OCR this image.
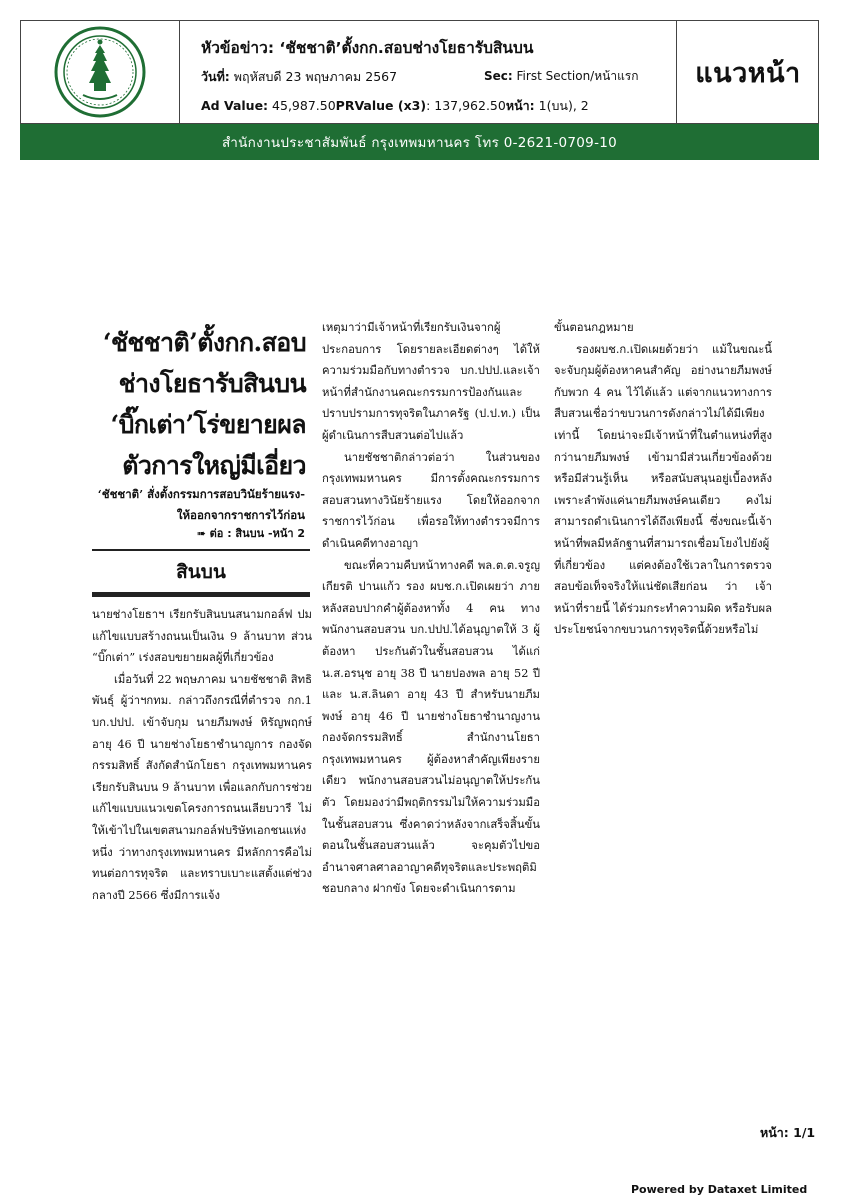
หัวข้อข่าว: ‘ชัชชาติ’ตั้งกก.สอบช่างโยธารับสินบน
วันที่: พฤหัสบดี 23 พฤษภาคม 2567	Sec: First Section/หน้าแรก
Ad Value: 45,987.50PRValue (x3): 137,962.50หน้า: 1(บน), 2
แนวหน้า
สำนักงานประชาสัมพันธ์ กรุงเทพมหานคร โทร 0-2621-0709-10
‘ชัชชาติ’ตั้งกก.สอบ
ช่างโยธารับสินบน
‘บิ๊กเต่า’โร่ขยายผล
ตัวการใหญ่มีเอี่ยว

‘ชัชชาติ’ สั่งตั้งกรรมการสอบวินัยร้ายแรง-ให้ออกจากราชการไว้ก่อน

➠ ต่อ : สินบน -หน้า 2
สินบน

นายช่างโยธาฯ เรียกรับสินบนสนามกอล์ฟ ปมแก้ไขแบบสร้างถนนเป็นเงิน 9 ล้านบาท ส่วน “บิ๊กเต่า” เร่งสอบขยายผลผู้ที่เกี่ยวข้อง

เมื่อวันที่ 22 พฤษภาคม นายชัชชาติ สิทธิพันธุ์ ผู้ว่าฯกทม. กล่าวถึงกรณีที่ตำรวจ กก.1 บก.ปปป. เข้าจับกุม นายภีมพงษ์ หิรัญพฤกษ์ อายุ 46 ปี นายช่างโยธาชำนาญการ กองจัดกรรมสิทธิ์ สังกัดสำนักโยธา กรุงเทพมหานคร เรียกรับสินบน 9 ล้านบาท เพื่อแลกกับการช่วยแก้ไขแบบแนวเขตโครงการถนนเลียบวารี ไม่ให้เข้าไปในเขตสนามกอล์ฟบริษัทเอกชนแห่งหนึ่ง ว่าทางกรุงเทพมหานคร มีหลักการคือไม่ทนต่อการทุจริต และทราบเบาะแสตั้งแต่ช่วงกลางปี 2566 ซึ่งมีการแจ้ง

เหตุมาว่ามีเจ้าหน้าที่เรียกรับเงินจากผู้ประกอบการ โดยรายละเอียดต่างๆ ได้ให้ความร่วมมือกับทางตำรวจ บก.ปปป.และเจ้าหน้าที่สำนักงานคณะกรรมการป้องกันและปราบปรามการทุจริตในภาครัฐ (ป.ป.ท.) เป็นผู้ดำเนินการสืบสวนต่อไปแล้ว

นายชัชชาติกล่าวต่อว่า ในส่วนของกรุงเทพมหานคร มีการตั้งคณะกรรมการสอบสวนทางวินัยร้ายแรง โดยให้ออกจากราชการไว้ก่อน เพื่อรอให้ทางตำรวจมีการดำเนินคดีทางอาญา

ขณะที่ความคืบหน้าทางคดี พล.ต.ต.จรูญเกียรติ ปานแก้ว รอง ผบช.ก.เปิดเผยว่า ภายหลังสอบปากคำผู้ต้องหาทั้ง 4 คน ทางพนักงานสอบสวน บก.ปปป.ได้อนุญาตให้ 3 ผู้ต้องหา ประกันตัวในชั้นสอบสวน ได้แก่ น.ส.อรนุช อายุ 38 ปี นายปองพล อายุ 52 ปี และ น.ส.ลินดา อายุ 43 ปี สำหรับนายภีมพงษ์ อายุ 46 ปี นายช่างโยธาชำนาญงาน กองจัดกรรมสิทธิ์ สำนักงานโยธา กรุงเทพมหานคร ผู้ต้องหาสำคัญเพียงรายเดียว พนักงานสอบสวนไม่อนุญาตให้ประกันตัว โดยมองว่ามีพฤติกรรมไม่ให้ความร่วมมือในชั้นสอบสวน ซึ่งคาดว่าหลังจากเสร็จสิ้นขั้นตอนในชั้นสอบสวนแล้ว จะคุมตัวไปขออำนาจศาลศาลอาญาคดีทุจริตและประพฤติมิชอบกลาง ฝากขัง โดยจะดำเนินการตาม

ขั้นตอนกฎหมาย

รองผบช.ก.เปิดเผยด้วยว่า แม้ในขณะนี้จะจับกุมผู้ต้องหาคนสำคัญ อย่างนายภีมพงษ์ กับพวก 4 คน ไว้ได้แล้ว แต่จากแนวทางการสืบสวนเชื่อว่าขบวนการดังกล่าวไม่ได้มีเพียงเท่านี้ โดยน่าจะมีเจ้าหน้าที่ในตำแหน่งที่สูงกว่านายภีมพงษ์ เข้ามามีส่วนเกี่ยวข้องด้วย หรือมีส่วนรู้เห็น หรือสนับสนุนอยู่เบื้องหลัง เพราะลำพังแค่นายภีมพงษ์คนเดียว คงไม่สามารถดำเนินการได้ถึงเพียงนี้ ซึ่งขณะนี้เจ้าหน้าที่พลมีหลักฐานที่สามารถเชื่อมโยงไปยังผู้ที่เกี่ยวข้อง แต่คงต้องใช้เวลาในการตรวจสอบข้อเท็จจริงให้แน่ชัดเสียก่อน ว่า เจ้าหน้าที่รายนี้ ได้ร่วมกระทำความผิด หรือรับผลประโยชน์จากขบวนการทุจริตนี้ด้วยหรือไม่

หน้า: 1/1
Powered by Dataxet Limited
